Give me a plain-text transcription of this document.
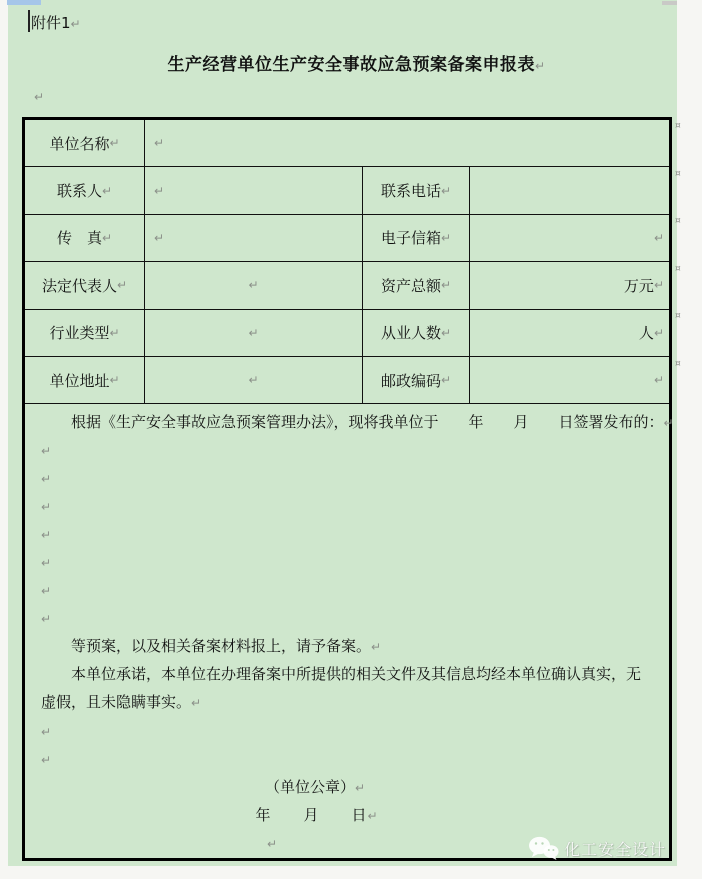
附件1↵
生产经营单位生产安全事故应急预案备案申报表↵
↵
单位名称 ↵	↵
联系人 ↵	↵	联系电话 ↵
传　真 ↵	↵	电子信箱 ↵	↵
法定代表人 ↵	↵	资产总额 ↵	万元 ↵
行业类型 ↵	↵	从业人数 ↵	人 ↵
单位地址 ↵	↵	邮政编码 ↵	↵
根据《生产安全事故应急预案管理办法》，现将我单位于　　年　　月　　日签署发布的：↵
↵
↵
↵
↵
↵
↵
↵
等预案，以及相关备案材料报上，请予备案。↵
本单位承诺，本单位在办理备案中所提供的相关文件及其信息均经本单位确认真实，无虚假，且未隐瞒事实。↵
↵
↵
（单位公章）↵
年　　月　　日↵
↵
¤
¤
¤
¤
¤
¤
化工安全设计
